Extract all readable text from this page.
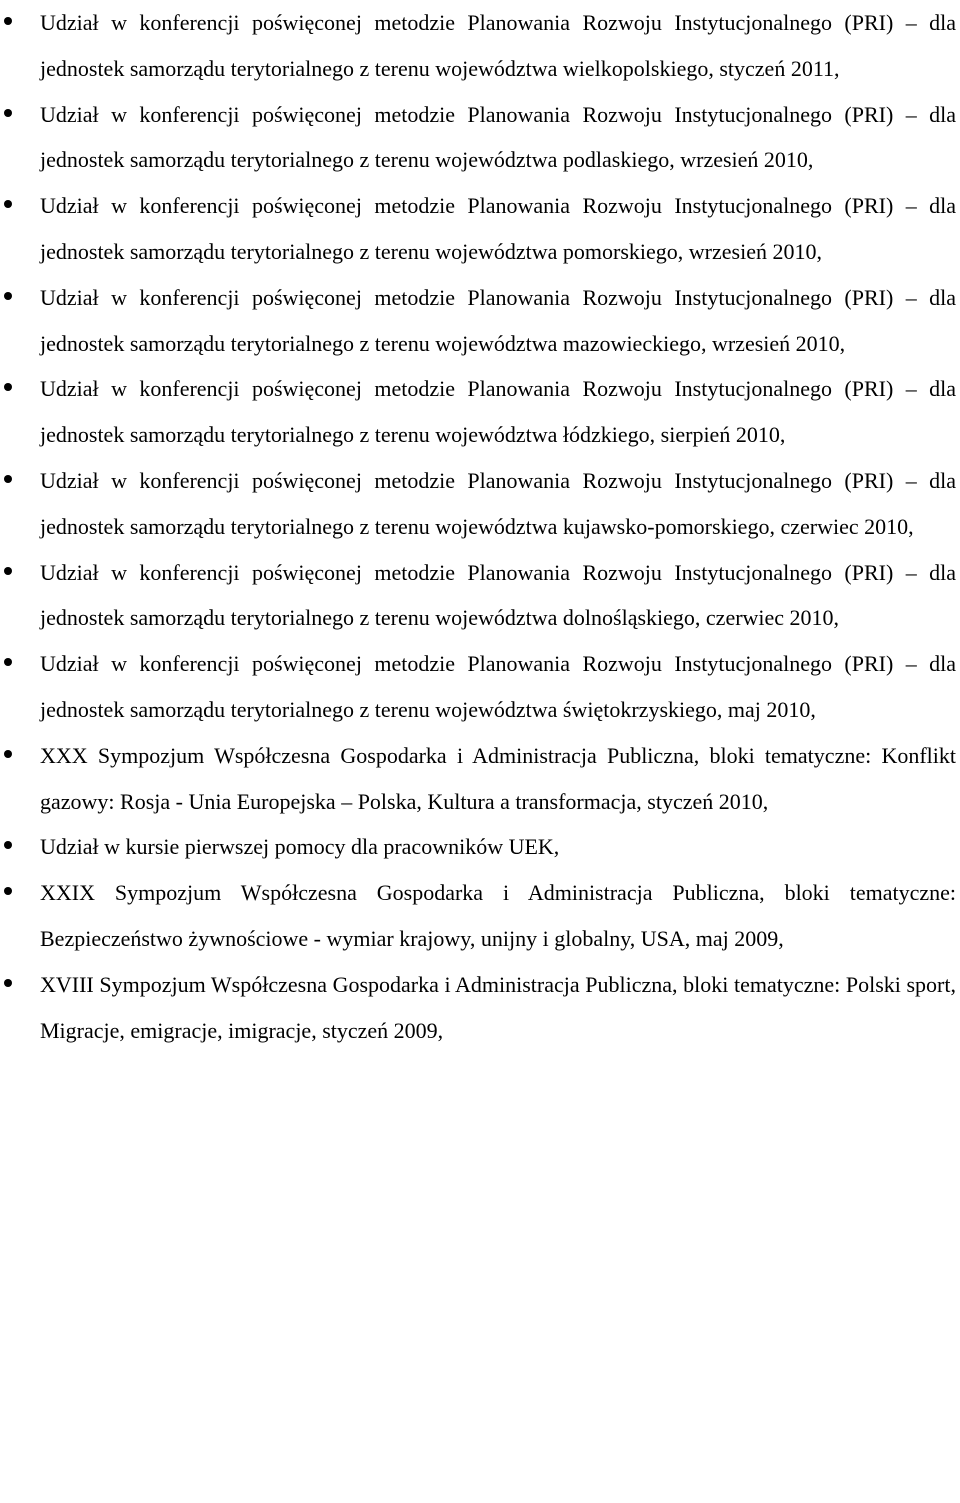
Udział w konferencji poświęconej metodzie Planowania Rozwoju Instytucjonalnego (PRI) – dla jednostek samorządu terytorialnego z terenu województwa wielkopolskiego, styczeń 2011,

Udział w konferencji poświęconej metodzie Planowania Rozwoju Instytucjonalnego (PRI) – dla jednostek samorządu terytorialnego z terenu województwa podlaskiego, wrzesień 2010,

Udział w konferencji poświęconej metodzie Planowania Rozwoju Instytucjonalnego (PRI) – dla jednostek samorządu terytorialnego z terenu województwa pomorskiego, wrzesień 2010,

Udział w konferencji poświęconej metodzie Planowania Rozwoju Instytucjonalnego (PRI) – dla jednostek samorządu terytorialnego z terenu województwa mazowieckiego, wrzesień 2010,

Udział w konferencji poświęconej metodzie Planowania Rozwoju Instytucjonalnego (PRI) – dla jednostek samorządu terytorialnego z terenu województwa łódzkiego, sierpień 2010,

Udział w konferencji poświęconej metodzie Planowania Rozwoju Instytucjonalnego (PRI) – dla jednostek samorządu terytorialnego z terenu województwa kujawsko-pomorskiego, czerwiec 2010,

Udział w konferencji poświęconej metodzie Planowania Rozwoju Instytucjonalnego (PRI) – dla jednostek samorządu terytorialnego z terenu województwa dolnośląskiego, czerwiec 2010,

Udział w konferencji poświęconej metodzie Planowania Rozwoju Instytucjonalnego (PRI) – dla jednostek samorządu terytorialnego z terenu województwa świętokrzyskiego, maj 2010,

XXX Sympozjum Współczesna Gospodarka i Administracja Publiczna, bloki tematyczne: Konflikt gazowy: Rosja - Unia Europejska – Polska, Kultura a transformacja, styczeń 2010,

Udział w kursie pierwszej pomocy dla pracowników UEK,

XXIX Sympozjum Współczesna Gospodarka i Administracja Publiczna, bloki tematyczne: Bezpieczeństwo żywnościowe - wymiar krajowy, unijny i globalny, USA, maj 2009,

XVIII Sympozjum Współczesna Gospodarka i Administracja Publiczna, bloki tematyczne: Polski sport, Migracje, emigracje, imigracje, styczeń 2009,
